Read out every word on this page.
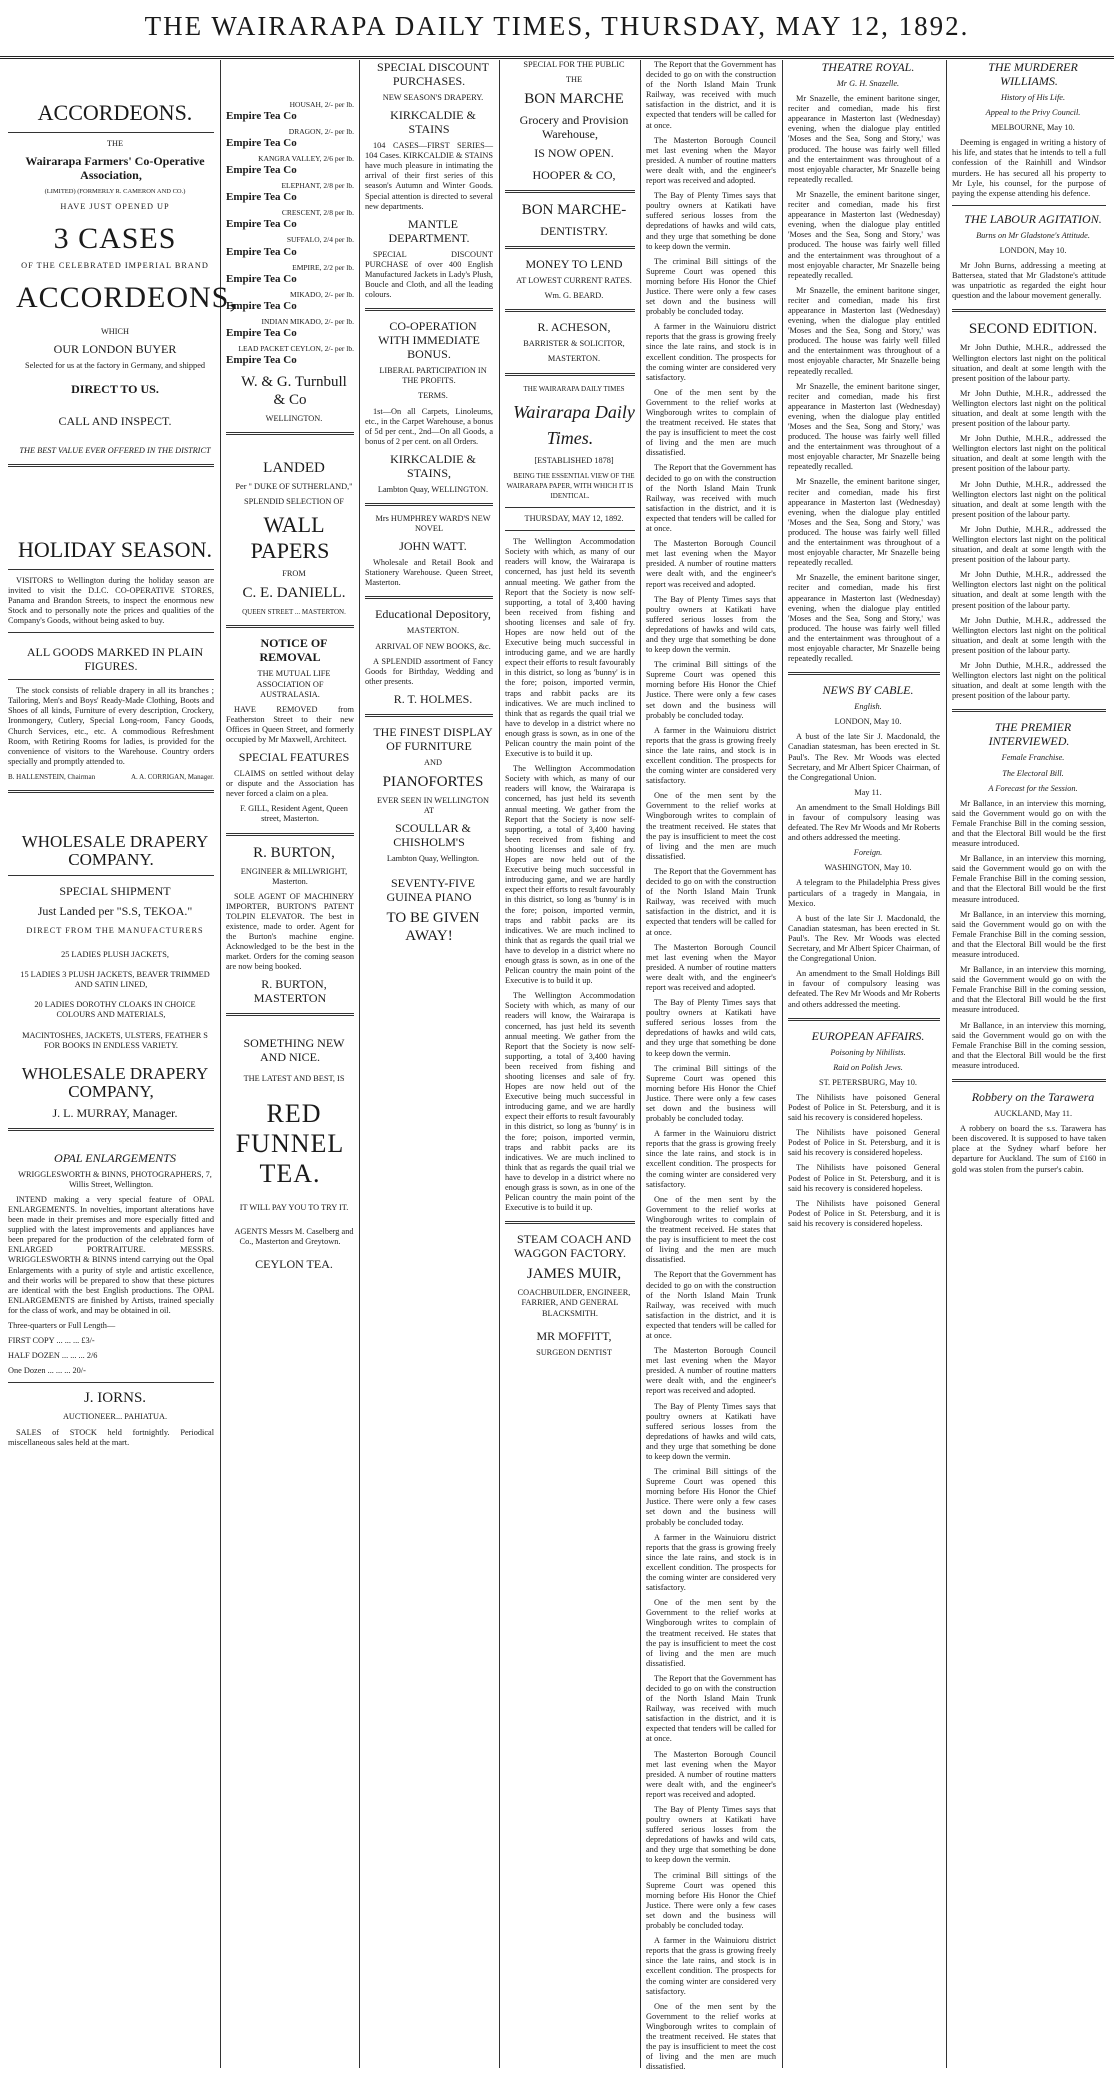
THE WAIRARAPA DAILY TIMES, THURSDAY, MAY 12, 1892.

ACCORDEONS.

THE

Wairarapa Farmers' Co-Operative Association,

(LIMITED) (FORMERLY R. CAMERON AND CO.)

HAVE JUST OPENED UP

3 CASES

OF THE CELEBRATED IMPERIAL BRAND

ACCORDEONS,

WHICH

OUR LONDON BUYER

Selected for us at the factory in Germany, and shipped

DIRECT TO US.

CALL AND INSPECT.

THE BEST VALUE EVER OFFERED IN THE DISTRICT

HOLIDAY SEASON.

VISITORS to Wellington during the holiday season are invited to visit the D.I.C. CO-OPERATIVE STORES, Panama and Brandon Streets, to inspect the enormous new Stock and to personally note the prices and qualities of the Company's Goods, without being asked to buy.

ALL GOODS MARKED IN PLAIN FIGURES.

The stock consists of reliable drapery in all its branches ; Tailoring, Men's and Boys' Ready-Made Clothing, Boots and Shoes of all kinds, Furniture of every description, Crockery, Ironmongery, Cutlery, Special Long-room, Fancy Goods, Church Services, etc., etc. A commodious Refreshment Room, with Retiring Rooms for ladies, is provided for the convenience of visitors to the Warehouse. Country orders specially and promptly attended to.

B. HALLENSTEIN, Chairman	A. A. CORRIGAN, Manager.

WHOLESALE DRAPERY COMPANY.

SPECIAL SHIPMENT

Just Landed per "S.S, TEKOA."

DIRECT FROM THE MANUFACTURERS

25 LADIES PLUSH JACKETS,

15 LADIES 3 PLUSH JACKETS, BEAVER TRIMMED AND SATIN LINED,

20 LADIES DOROTHY CLOAKS IN CHOICE COLOURS AND MATERIALS,

MACINTOSHES, JACKETS, ULSTERS, FEATHER S FOR BOOKS IN ENDLESS VARIETY.

WHOLESALE DRAPERY COMPANY,

J. L. MURRAY, Manager.

OPAL ENLARGEMENTS

WRIGGLESWORTH & BINNS, PHOTOGRAPHERS, 7, Willis Street, Wellington.

INTEND making a very special feature of OPAL ENLARGEMENTS. In novelties, important alterations have been made in their premises and more especially fitted and supplied with the latest improvements and appliances have been prepared for the production of the celebrated form of ENLARGED PORTRAITURE. MESSRS. WRIGGLESWORTH & BINNS intend carrying out the Opal Enlargements with a purity of style and artistic excellence, and their works will be prepared to show that these pictures are identical with the best English productions. The OPAL ENLARGEMENTS are finished by Artists, trained specially for the class of work, and may be obtained in oil.

Three-quarters or Full Length—

FIRST COPY ... ... ... £3/-

HALF DOZEN ... ... ... 2/6

One Dozen ... ... ... 20/-

J. IORNS.

AUCTIONEER... PAHIATUA.

SALES of STOCK held fortnightly. Periodical miscellaneous sales held at the mart.

HOUSAH, 2/- per lb.
Empire Tea Co
DRAGON, 2/- per lb.
Empire Tea Co
KANGRA VALLEY, 2/6 per lb.
Empire Tea Co
ELEPHANT, 2/8 per lb.
Empire Tea Co
CRESCENT, 2/8 per lb.
Empire Tea Co
SUFFALO, 2/4 per lb.
Empire Tea Co
EMPIRE, 2/2 per lb.
Empire Tea Co
MIKADO, 2/- per lb.
Empire Tea Co
INDIAN MIKADO, 2/- per lb.
Empire Tea Co
LEAD PACKET CEYLON, 2/- per lb.
Empire Tea Co

W. & G. Turnbull & Co

WELLINGTON.

LANDED

Per " DUKE OF SUTHERLAND,"

SPLENDID SELECTION OF

WALL PAPERS

FROM

C. E. DANIELL.

QUEEN STREET ... MASTERTON.

NOTICE OF REMOVAL

THE MUTUAL LIFE ASSOCIATION OF AUSTRALASIA.

HAVE REMOVED from Featherston Street to their new Offices in Queen Street, and formerly occupied by Mr Maxwell, Architect.

SPECIAL FEATURES

CLAIMS on settled without delay or dispute and the Association has never forced a claim on a plea.

F. GILL, Resident Agent, Queen street, Masterton.

R. BURTON,

ENGINEER & MILLWRIGHT, Masterton.

SOLE AGENT OF MACHINERY IMPORTER, BURTON'S PATENT TOLPIN ELEVATOR. The best in existence, made to order. Agent for the Burton's machine engine. Acknowledged to be the best in the market. Orders for the coming season are now being booked.

R. BURTON, MASTERTON

SOMETHING NEW AND NICE.

THE LATEST AND BEST, IS

RED FUNNEL TEA.

IT WILL PAY YOU TO TRY IT.

AGENTS Messrs M. Caselberg and Co., Masterton and Greytown.

CEYLON TEA.

SPECIAL DISCOUNT PURCHASES.

NEW SEASON'S DRAPERY.

KIRKCALDIE & STAINS

104 CASES—FIRST SERIES—104 Cases. KIRKCALDIE & STAINS have much pleasure in intimating the arrival of their first series of this season's Autumn and Winter Goods. Special attention is directed to several new departments.

MANTLE DEPARTMENT.

SPECIAL DISCOUNT PURCHASE of over 400 English Manufactured Jackets in Lady's Plush, Boucle and Cloth, and all the leading colours.

CO-OPERATION WITH IMMEDIATE BONUS.

LIBERAL PARTICIPATION IN THE PROFITS.

TERMS.

1st—On all Carpets, Linoleums, etc., in the Carpet Warehouse, a bonus of 5d per cent., 2nd—On all Goods, a bonus of 2 per cent. on all Orders.

KIRKCALDIE & STAINS,

Lambton Quay, WELLINGTON.

Mrs HUMPHREY WARD'S NEW NOVEL

JOHN WATT.

Wholesale and Retail Book and Stationery Warehouse. Queen Street, Masterton.

Educational Depository,

MASTERTON.

ARRIVAL OF NEW BOOKS, &c.

A SPLENDID assortment of Fancy Goods for Birthday, Wedding and other presents.

R. T. HOLMES.

THE FINEST DISPLAY OF FURNITURE

AND

PIANOFORTES

EVER SEEN IN WELLINGTON AT

SCOULLAR & CHISHOLM'S

Lambton Quay, Wellington.

SEVENTY-FIVE GUINEA PIANO

TO BE GIVEN AWAY!

SPECIAL FOR THE PUBLIC

THE

BON MARCHE

Grocery and Provision Warehouse,

IS NOW OPEN.

HOOPER & CO,

BON MARCHE-

DENTISTRY.

MONEY TO LEND

AT LOWEST CURRENT RATES.

Wm. G. BEARD.

R. ACHESON,

BARRISTER & SOLICITOR,

MASTERTON.

THE WAIRARAPA DAILY TIMES

Wairarapa Daily Times.

[ESTABLISHED 1878]

BEING THE ESSENTIAL VIEW OF THE WAIRARAPA PAPER, WITH WHICH IT IS IDENTICAL.

THURSDAY, MAY 12, 1892.

The Wellington Accommodation Society with which, as many of our readers will know, the Wairarapa is concerned, has just held its seventh annual meeting. We gather from the Report that the Society is now self-supporting, a total of 3,400 having been received from fishing and shooting licenses and sale of fry. Hopes are now held out of the Executive being much successful in introducing game, and we are hardly expect their efforts to result favourably in this district, so long as 'bunny' is in the fore; poison, imported vermin, traps and rabbit packs are its indicatives. We are much inclined to think that as regards the quail trial we have to develop in a district where no enough grass is sown, as in one of the Pelican country the main point of the Executive is to build it up.

The Wellington Accommodation Society with which, as many of our readers will know, the Wairarapa is concerned, has just held its seventh annual meeting. We gather from the Report that the Society is now self-supporting, a total of 3,400 having been received from fishing and shooting licenses and sale of fry. Hopes are now held out of the Executive being much successful in introducing game, and we are hardly expect their efforts to result favourably in this district, so long as 'bunny' is in the fore; poison, imported vermin, traps and rabbit packs are its indicatives. We are much inclined to think that as regards the quail trial we have to develop in a district where no enough grass is sown, as in one of the Pelican country the main point of the Executive is to build it up.

The Wellington Accommodation Society with which, as many of our readers will know, the Wairarapa is concerned, has just held its seventh annual meeting. We gather from the Report that the Society is now self-supporting, a total of 3,400 having been received from fishing and shooting licenses and sale of fry. Hopes are now held out of the Executive being much successful in introducing game, and we are hardly expect their efforts to result favourably in this district, so long as 'bunny' is in the fore; poison, imported vermin, traps and rabbit packs are its indicatives. We are much inclined to think that as regards the quail trial we have to develop in a district where no enough grass is sown, as in one of the Pelican country the main point of the Executive is to build it up.

STEAM COACH AND WAGGON FACTORY.

JAMES MUIR,

COACHBUILDER, ENGINEER, FARRIER, AND GENERAL BLACKSMITH.

MR MOFFITT,

SURGEON DENTIST

The Report that the Government has decided to go on with the construction of the North Island Main Trunk Railway, was received with much satisfaction in the district, and it is expected that tenders will be called for at once.

The Masterton Borough Council met last evening when the Mayor presided. A number of routine matters were dealt with, and the engineer's report was received and adopted.

The Bay of Plenty Times says that poultry owners at Katikati have suffered serious losses from the depredations of hawks and wild cats, and they urge that something be done to keep down the vermin.

The criminal Bill sittings of the Supreme Court was opened this morning before His Honor the Chief Justice. There were only a few cases set down and the business will probably be concluded today.

A farmer in the Wainuioru district reports that the grass is growing freely since the late rains, and stock is in excellent condition. The prospects for the coming winter are considered very satisfactory.

One of the men sent by the Government to the relief works at Wingborough writes to complain of the treatment received. He states that the pay is insufficient to meet the cost of living and the men are much dissatisfied.

The Report that the Government has decided to go on with the construction of the North Island Main Trunk Railway, was received with much satisfaction in the district, and it is expected that tenders will be called for at once.

The Masterton Borough Council met last evening when the Mayor presided. A number of routine matters were dealt with, and the engineer's report was received and adopted.

The Bay of Plenty Times says that poultry owners at Katikati have suffered serious losses from the depredations of hawks and wild cats, and they urge that something be done to keep down the vermin.

The criminal Bill sittings of the Supreme Court was opened this morning before His Honor the Chief Justice. There were only a few cases set down and the business will probably be concluded today.

A farmer in the Wainuioru district reports that the grass is growing freely since the late rains, and stock is in excellent condition. The prospects for the coming winter are considered very satisfactory.

One of the men sent by the Government to the relief works at Wingborough writes to complain of the treatment received. He states that the pay is insufficient to meet the cost of living and the men are much dissatisfied.

The Report that the Government has decided to go on with the construction of the North Island Main Trunk Railway, was received with much satisfaction in the district, and it is expected that tenders will be called for at once.

The Masterton Borough Council met last evening when the Mayor presided. A number of routine matters were dealt with, and the engineer's report was received and adopted.

The Bay of Plenty Times says that poultry owners at Katikati have suffered serious losses from the depredations of hawks and wild cats, and they urge that something be done to keep down the vermin.

The criminal Bill sittings of the Supreme Court was opened this morning before His Honor the Chief Justice. There were only a few cases set down and the business will probably be concluded today.

A farmer in the Wainuioru district reports that the grass is growing freely since the late rains, and stock is in excellent condition. The prospects for the coming winter are considered very satisfactory.

One of the men sent by the Government to the relief works at Wingborough writes to complain of the treatment received. He states that the pay is insufficient to meet the cost of living and the men are much dissatisfied.

The Report that the Government has decided to go on with the construction of the North Island Main Trunk Railway, was received with much satisfaction in the district, and it is expected that tenders will be called for at once.

The Masterton Borough Council met last evening when the Mayor presided. A number of routine matters were dealt with, and the engineer's report was received and adopted.

The Bay of Plenty Times says that poultry owners at Katikati have suffered serious losses from the depredations of hawks and wild cats, and they urge that something be done to keep down the vermin.

The criminal Bill sittings of the Supreme Court was opened this morning before His Honor the Chief Justice. There were only a few cases set down and the business will probably be concluded today.

A farmer in the Wainuioru district reports that the grass is growing freely since the late rains, and stock is in excellent condition. The prospects for the coming winter are considered very satisfactory.

One of the men sent by the Government to the relief works at Wingborough writes to complain of the treatment received. He states that the pay is insufficient to meet the cost of living and the men are much dissatisfied.

The Report that the Government has decided to go on with the construction of the North Island Main Trunk Railway, was received with much satisfaction in the district, and it is expected that tenders will be called for at once.

The Masterton Borough Council met last evening when the Mayor presided. A number of routine matters were dealt with, and the engineer's report was received and adopted.

The Bay of Plenty Times says that poultry owners at Katikati have suffered serious losses from the depredations of hawks and wild cats, and they urge that something be done to keep down the vermin.

The criminal Bill sittings of the Supreme Court was opened this morning before His Honor the Chief Justice. There were only a few cases set down and the business will probably be concluded today.

A farmer in the Wainuioru district reports that the grass is growing freely since the late rains, and stock is in excellent condition. The prospects for the coming winter are considered very satisfactory.

One of the men sent by the Government to the relief works at Wingborough writes to complain of the treatment received. He states that the pay is insufficient to meet the cost of living and the men are much dissatisfied.

THEATRE ROYAL.

Mr G. H. Snazelle.

Mr Snazelle, the eminent baritone singer, reciter and comedian, made his first appearance in Masterton last (Wednesday) evening, when the dialogue play entitled 'Moses and the Sea, Song and Story,' was produced. The house was fairly well filled and the entertainment was throughout of a most enjoyable character, Mr Snazelle being repeatedly recalled.

Mr Snazelle, the eminent baritone singer, reciter and comedian, made his first appearance in Masterton last (Wednesday) evening, when the dialogue play entitled 'Moses and the Sea, Song and Story,' was produced. The house was fairly well filled and the entertainment was throughout of a most enjoyable character, Mr Snazelle being repeatedly recalled.

Mr Snazelle, the eminent baritone singer, reciter and comedian, made his first appearance in Masterton last (Wednesday) evening, when the dialogue play entitled 'Moses and the Sea, Song and Story,' was produced. The house was fairly well filled and the entertainment was throughout of a most enjoyable character, Mr Snazelle being repeatedly recalled.

Mr Snazelle, the eminent baritone singer, reciter and comedian, made his first appearance in Masterton last (Wednesday) evening, when the dialogue play entitled 'Moses and the Sea, Song and Story,' was produced. The house was fairly well filled and the entertainment was throughout of a most enjoyable character, Mr Snazelle being repeatedly recalled.

Mr Snazelle, the eminent baritone singer, reciter and comedian, made his first appearance in Masterton last (Wednesday) evening, when the dialogue play entitled 'Moses and the Sea, Song and Story,' was produced. The house was fairly well filled and the entertainment was throughout of a most enjoyable character, Mr Snazelle being repeatedly recalled.

Mr Snazelle, the eminent baritone singer, reciter and comedian, made his first appearance in Masterton last (Wednesday) evening, when the dialogue play entitled 'Moses and the Sea, Song and Story,' was produced. The house was fairly well filled and the entertainment was throughout of a most enjoyable character, Mr Snazelle being repeatedly recalled.

NEWS BY CABLE.

English.

LONDON, May 10.

A bust of the late Sir J. Macdonald, the Canadian statesman, has been erected in St. Paul's. The Rev. Mr Woods was elected Secretary, and Mr Albert Spicer Chairman, of the Congregational Union.

May 11.

An amendment to the Small Holdings Bill in favour of compulsory leasing was defeated. The Rev Mr Woods and Mr Roberts and others addressed the meeting.

Foreign.

WASHINGTON, May 10.

A telegram to the Philadelphia Press gives particulars of a tragedy in Mangaia, in Mexico.

A bust of the late Sir J. Macdonald, the Canadian statesman, has been erected in St. Paul's. The Rev. Mr Woods was elected Secretary, and Mr Albert Spicer Chairman, of the Congregational Union.

An amendment to the Small Holdings Bill in favour of compulsory leasing was defeated. The Rev Mr Woods and Mr Roberts and others addressed the meeting.

EUROPEAN AFFAIRS.

Poisoning by Nihilists.

Raid on Polish Jews.

ST. PETERSBURG, May 10.

The Nihilists have poisoned General Podest of Police in St. Petersburg, and it is said his recovery is considered hopeless.

The Nihilists have poisoned General Podest of Police in St. Petersburg, and it is said his recovery is considered hopeless.

The Nihilists have poisoned General Podest of Police in St. Petersburg, and it is said his recovery is considered hopeless.

The Nihilists have poisoned General Podest of Police in St. Petersburg, and it is said his recovery is considered hopeless.

THE MURDERER WILLIAMS.

History of His Life.

Appeal to the Privy Council.

MELBOURNE, May 10.

Deeming is engaged in writing a history of his life, and states that he intends to tell a full confession of the Rainhill and Windsor murders. He has secured all his property to Mr Lyle, his counsel, for the purpose of paying the expense attending his defence.

THE LABOUR AGITATION.

Burns on Mr Gladstone's Attitude.

LONDON, May 10.

Mr John Burns, addressing a meeting at Battersea, stated that Mr Gladstone's attitude was unpatriotic as regarded the eight hour question and the labour movement generally.

SECOND EDITION.

Mr John Duthie, M.H.R., addressed the Wellington electors last night on the political situation, and dealt at some length with the present position of the labour party.

Mr John Duthie, M.H.R., addressed the Wellington electors last night on the political situation, and dealt at some length with the present position of the labour party.

Mr John Duthie, M.H.R., addressed the Wellington electors last night on the political situation, and dealt at some length with the present position of the labour party.

Mr John Duthie, M.H.R., addressed the Wellington electors last night on the political situation, and dealt at some length with the present position of the labour party.

Mr John Duthie, M.H.R., addressed the Wellington electors last night on the political situation, and dealt at some length with the present position of the labour party.

Mr John Duthie, M.H.R., addressed the Wellington electors last night on the political situation, and dealt at some length with the present position of the labour party.

Mr John Duthie, M.H.R., addressed the Wellington electors last night on the political situation, and dealt at some length with the present position of the labour party.

Mr John Duthie, M.H.R., addressed the Wellington electors last night on the political situation, and dealt at some length with the present position of the labour party.

THE PREMIER INTERVIEWED.

Female Franchise.

The Electoral Bill.

A Forecast for the Session.

Mr Ballance, in an interview this morning, said the Government would go on with the Female Franchise Bill in the coming session, and that the Electoral Bill would be the first measure introduced.

Mr Ballance, in an interview this morning, said the Government would go on with the Female Franchise Bill in the coming session, and that the Electoral Bill would be the first measure introduced.

Mr Ballance, in an interview this morning, said the Government would go on with the Female Franchise Bill in the coming session, and that the Electoral Bill would be the first measure introduced.

Mr Ballance, in an interview this morning, said the Government would go on with the Female Franchise Bill in the coming session, and that the Electoral Bill would be the first measure introduced.

Mr Ballance, in an interview this morning, said the Government would go on with the Female Franchise Bill in the coming session, and that the Electoral Bill would be the first measure introduced.

Robbery on the Tarawera

AUCKLAND, May 11.

A robbery on board the s.s. Tarawera has been discovered. It is supposed to have taken place at the Sydney wharf before her departure for Auckland. The sum of £160 in gold was stolen from the purser's cabin.
